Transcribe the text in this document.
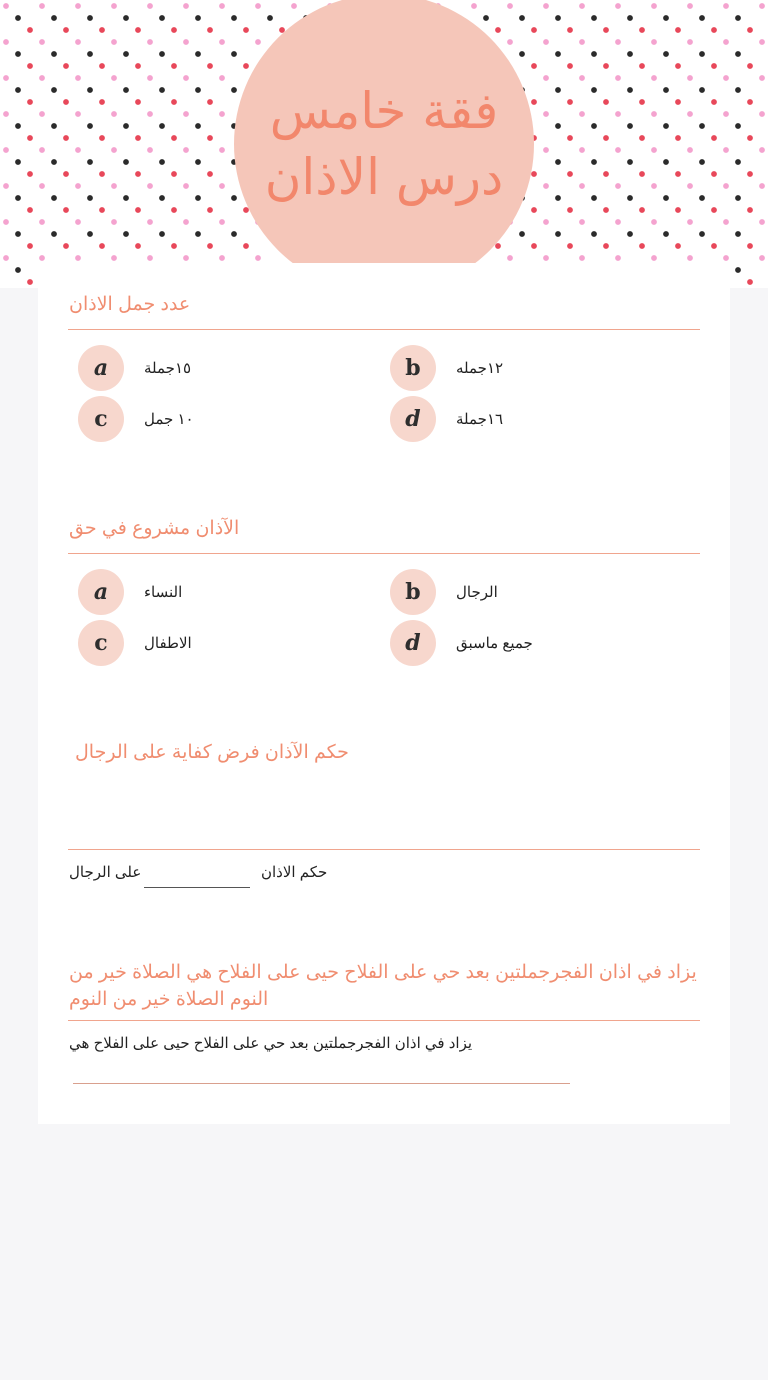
فقة خامس
درس الاذان
عدد جمل الاذان
a	١٥جملة	b	١٢جمله
c	١٠ جمل	d	١٦جملة
الآذان مشروع في حق
a	النساء	b	الرجال
c	الاطفال	d	جميع ماسبق
حكم الآذان فرض كفاية على الرجال
على الرجال	حكم الاذان
يزاد في اذان الفجرجملتين بعد حي على الفلاح حيى على الفلاح هي الصلاة خير من النوم الصلاة خير من النوم
يزاد في اذان الفجرجملتين بعد حي على الفلاح حيى على الفلاح هي
